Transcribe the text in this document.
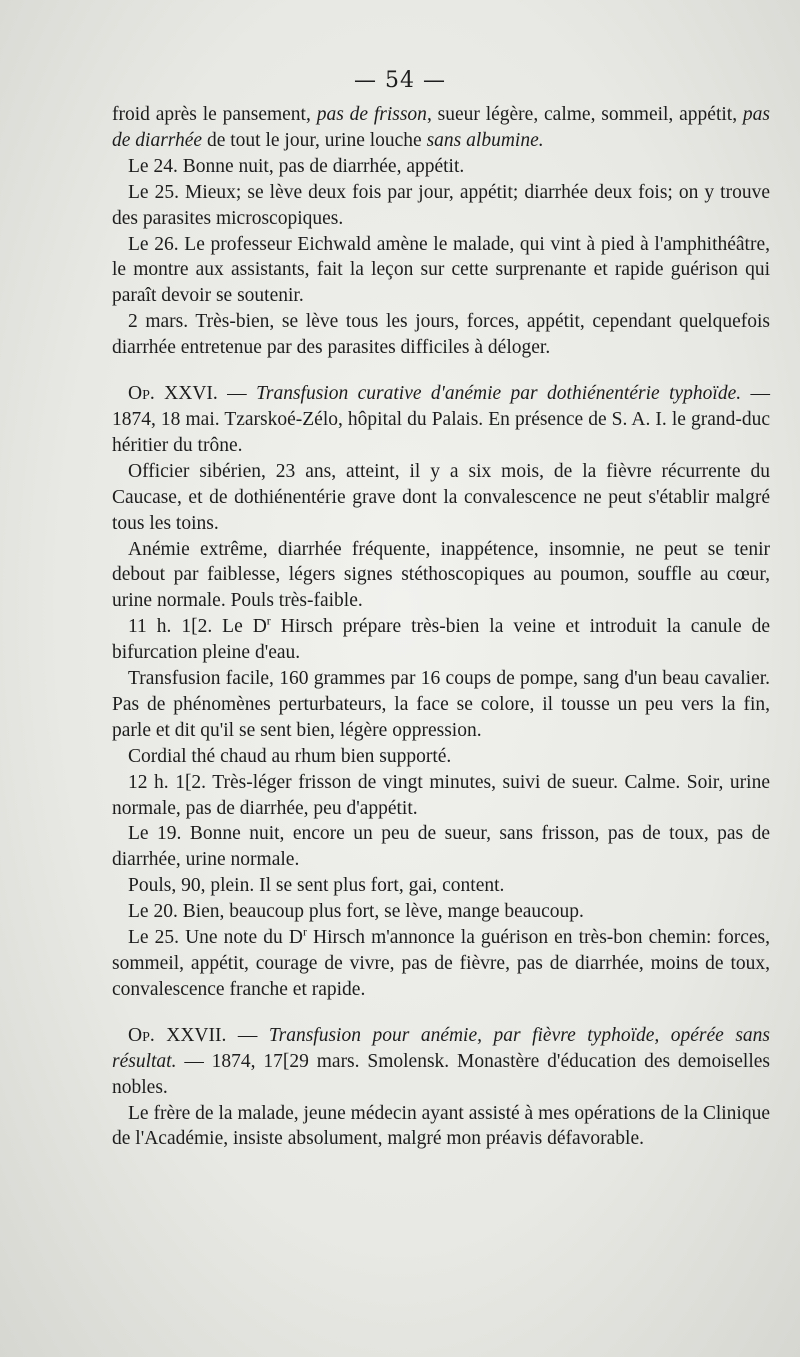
— 54 —

froid après le pansement, pas de frisson, sueur légère, calme, sommeil, appétit, pas de diarrhée de tout le jour, urine louche sans albumine.

Le 24. Bonne nuit, pas de diarrhée, appétit.

Le 25. Mieux; se lève deux fois par jour, appétit; diarrhée deux fois; on y trouve des parasites microscopiques.

Le 26. Le professeur Eichwald amène le malade, qui vint à pied à l'amphithéâtre, le montre aux assistants, fait la leçon sur cette surprenante et rapide guérison qui paraît devoir se soutenir.

2 mars. Très-bien, se lève tous les jours, forces, appétit, cependant quelquefois diarrhée entretenue par des parasites difficiles à déloger.

Op. XXVI. — Transfusion curative d'anémie par dothiénentérie typhoïde. — 1874, 18 mai. Tzarskoé-Zélo, hôpital du Palais. En présence de S. A. I. le grand-duc héritier du trône.

Officier sibérien, 23 ans, atteint, il y a six mois, de la fièvre récurrente du Caucase, et de dothiénentérie grave dont la convalescence ne peut s'établir malgré tous les toins.

Anémie extrême, diarrhée fréquente, inappétence, insomnie, ne peut se tenir debout par faiblesse, légers signes stéthoscopiques au poumon, souffle au cœur, urine normale. Pouls très-faible.

11 h. 1[2. Le $D^r$ Hirsch prépare très-bien la veine et introduit la canule de bifurcation pleine d'eau.

Transfusion facile, 160 grammes par 16 coups de pompe, sang d'un beau cavalier. Pas de phénomènes perturbateurs, la face se colore, il tousse un peu vers la fin, parle et dit qu'il se sent bien, légère oppression.

Cordial thé chaud au rhum bien supporté.

12 h. 1[2. Très-léger frisson de vingt minutes, suivi de sueur. Calme. Soir, urine normale, pas de diarrhée, peu d'appétit.

Le 19. Bonne nuit, encore un peu de sueur, sans frisson, pas de toux, pas de diarrhée, urine normale.

Pouls, 90, plein. Il se sent plus fort, gai, content.

Le 20. Bien, beaucoup plus fort, se lève, mange beaucoup.

Le 25. Une note du $D^r$ Hirsch m'annonce la guérison en très-bon chemin: forces, sommeil, appétit, courage de vivre, pas de fièvre, pas de diarrhée, moins de toux, convalescence franche et rapide.

Op. XXVII. — Transfusion pour anémie, par fièvre typhoïde, opérée sans résultat. — 1874, 17[29 mars. Smolensk. Monastère d'éducation des demoiselles nobles.

Le frère de la malade, jeune médecin ayant assisté à mes opérations de la Clinique de l'Académie, insiste absolument, malgré mon préavis défavorable.
